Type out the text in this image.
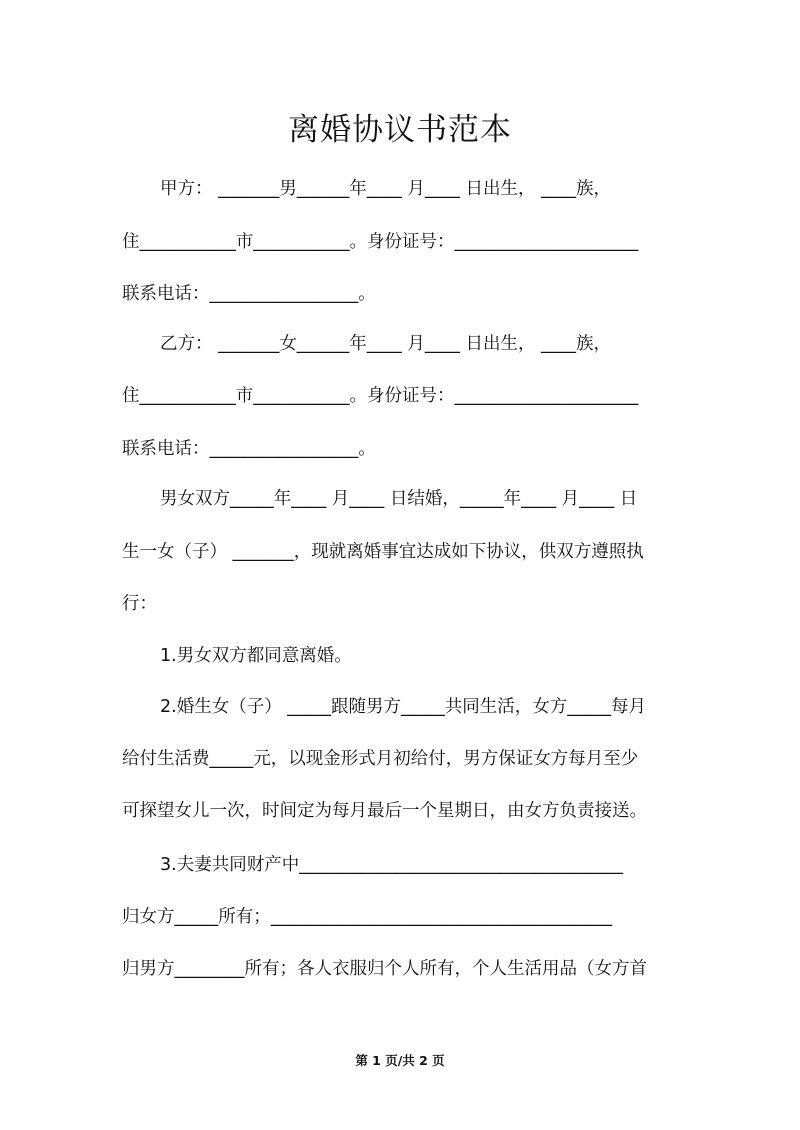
离婚协议书范本
甲方： _______男______年____ 月____ 日出生， ____族，
住___________市___________。身份证号：_____________________
联系电话：_________________。
乙方： _______女______年____ 月____ 日出生， ____族，
住___________市___________。身份证号：_____________________
联系电话：_________________。
男女双方_____年____ 月____ 日结婚，_____年____ 月____ 日
生一女（子） _______，现就离婚事宜达成如下协议，供双方遵照执
行：
1.男女双方都同意离婚。
2.婚生女（子） _____跟随男方_____共同生活，女方_____每月
给付生活费_____元，以现金形式月初给付，男方保证女方每月至少
可探望女儿一次，时间定为每月最后一个星期日，由女方负责接送。
3.夫妻共同财产中_____________________________________
归女方_____所有；_______________________________________
归男方________所有；各人衣服归个人所有，个人生活用品（女方首
第 1 页/共 2 页
